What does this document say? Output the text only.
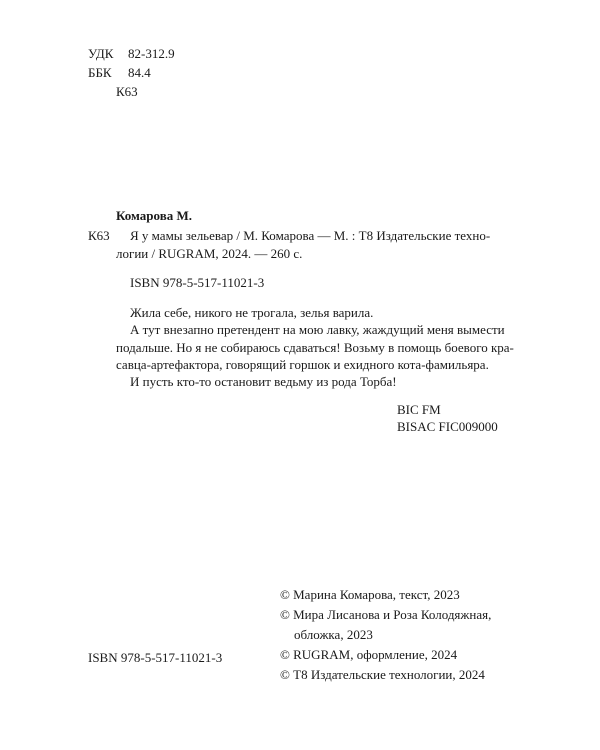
УДК 82-312.9
ББК 84.4
К63
Комарова М.
К63 Я у мамы зельевар / М. Комарова — М. : Т8 Издательские техно-
логии / RUGRAM, 2024. — 260 с.
ISBN 978-5-517-11021-3
Жила себе, никого не трогала, зелья варила.
А тут внезапно претендент на мою лавку, жаждущий меня вымести
подальше. Но я не собираюсь сдаваться! Возьму в помощь боевого кра-
савца-артефактора, говорящий горшок и ехидного кота-фамильяра.
И пусть кто-то остановит ведьму из рода Торба!
BIC FM
BISAC FIC009000
ISBN 978-5-517-11021-3
© Марина Комарова, текст, 2023
© Мира Лисанова и Роза Колодяжная,
обложка, 2023
© RUGRAM, оформление, 2024
© Т8 Издательские технологии, 2024
